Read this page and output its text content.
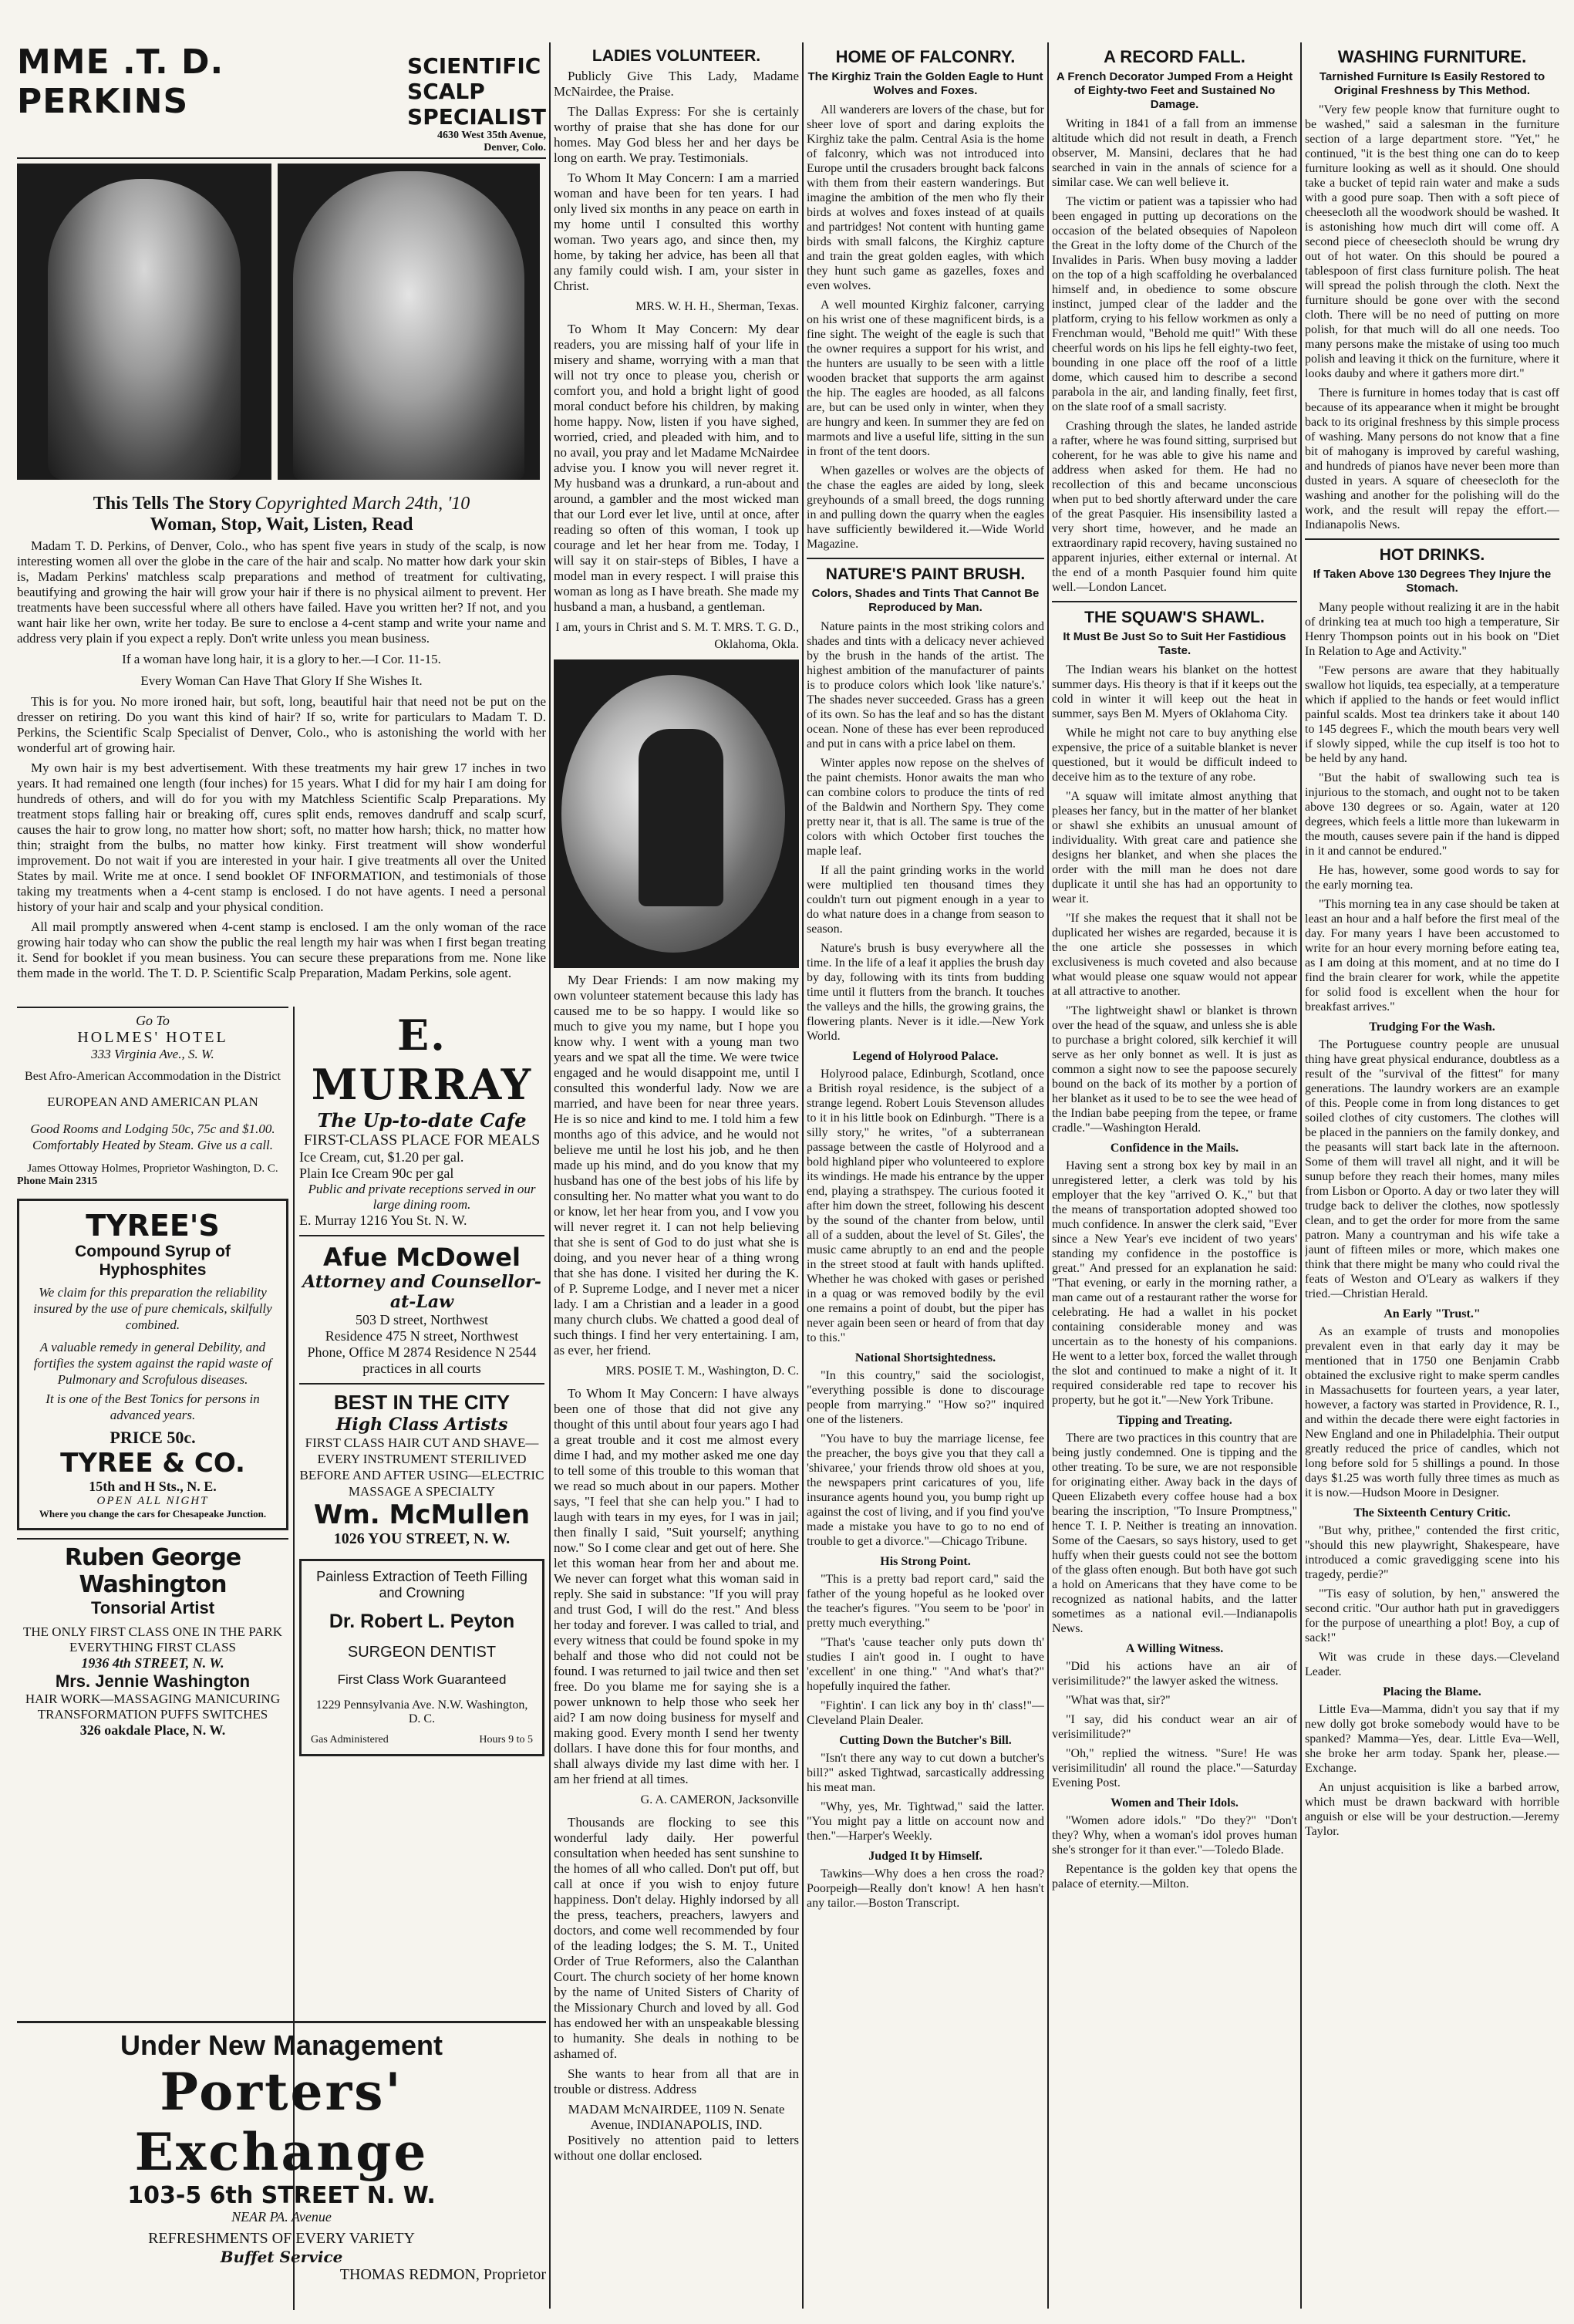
MME .T. D. PERKINS
SCIENTIFIC SCALP SPECIALIST
4630 West 35th Avenue, Denver, Colo.
This Tells The Story Copyrighted March 24th, '10
Woman, Stop, Wait, Listen, Read

Madam T. D. Perkins, of Denver, Colo., who has spent five years in study of the scalp, is now interesting women all over the globe in the care of the hair and scalp. No matter how dark your skin is, Madam Perkins' matchless scalp preparations and method of treatment for cultivating, beautifying and growing the hair will grow your hair if there is no physical ailment to prevent. Her treatments have been successful where all others have failed. Have you written her? If not, and you want hair like her own, write her today. Be sure to enclose a 4-cent stamp and write your name and address very plain if you expect a reply. Don't write unless you mean business.

If a woman have long hair, it is a glory to her.—I Cor. 11-15.

Every Woman Can Have That Glory If She Wishes It.

This is for you. No more ironed hair, but soft, long, beautiful hair that need not be put on the dresser on retiring. Do you want this kind of hair? If so, write for particulars to Madam T. D. Perkins, the Scientific Scalp Specialist of Denver, Colo., who is astonishing the world with her wonderful art of growing hair.

My own hair is my best advertisement. With these treatments my hair grew 17 inches in two years. It had remained one length (four inches) for 15 years. What I did for my hair I am doing for hundreds of others, and will do for you with my Matchless Scientific Scalp Preparations. My treatment stops falling hair or breaking off, cures split ends, removes dandruff and scalp scurf, causes the hair to grow long, no matter how short; soft, no matter how harsh; thick, no matter how thin; straight from the bulbs, no matter how kinky. First treatment will show wonderful improvement. Do not wait if you are interested in your hair. I give treatments all over the United States by mail. Write me at once. I send booklet OF INFORMATION, and testimonials of those taking my treatments when a 4-cent stamp is enclosed. I do not have agents. I need a personal history of your hair and scalp and your physical condition.

All mail promptly answered when 4-cent stamp is enclosed. I am the only woman of the race growing hair today who can show the public the real length my hair was when I first began treating it. Send for booklet if you mean business. You can secure these preparations from me. None like them made in the world. The T. D. P. Scientific Scalp Preparation, Madam Perkins, sole agent.

Go To
HOLMES' HOTEL
333 Virginia Ave., S. W.
Best Afro-American Accommodation in the District
EUROPEAN AND AMERICAN PLAN
Good Rooms and Lodging 50c, 75c and $1.00. Comfortably Heated by Steam. Give us a call.
James Ottoway Holmes, Proprietor Washington, D. C.
Phone Main 2315
TYREE'S
Compound Syrup of Hyphosphites
We claim for this preparation the reliability insured by the use of pure chemicals, skilfully combined.
A valuable remedy in general Debility, and fortifies the system against the rapid waste of Pulmonary and Scrofulous diseases.
It is one of the Best Tonics for persons in advanced years.
PRICE 50c.
TYREE & CO.
15th and H Sts., N. E.
OPEN ALL NIGHT
Where you change the cars for Chesapeake Junction.
Ruben George Washington
Tonsorial Artist
THE ONLY FIRST CLASS ONE IN THE PARK
EVERYTHING FIRST CLASS
1936 4th STREET, N. W.
Mrs. Jennie Washington
HAIR WORK—MASSAGING MANICURING
TRANSFORMATION PUFFS SWITCHES
326 oakdale Place, N. W.
Under New Management
Porters' Exchange
103-5 6th STREET N. W.
NEAR PA. Avenue
REFRESHMENTS OF EVERY VARIETY
Buffet Service
THOMAS REDMON, Proprietor
E. MURRAY
The Up-to-date Cafe
FIRST-CLASS PLACE FOR MEALS
Ice Cream, cut, $1.20 per gal.
Plain Ice Cream 90c per gal
Public and private receptions served in our large dining room.
E. Murray 1216 You St. N. W.
Afue McDowel
Attorney and Counsellor-at-Law
503 D street, Northwest
Residence 475 N street, Northwest
Phone, Office M 2874 Residence N 2544
practices in all courts
BEST IN THE CITY
High Class Artists
FIRST CLASS HAIR CUT AND SHAVE—EVERY INSTRUMENT STERILIVED BEFORE AND AFTER USING—ELECTRIC MASSAGE A SPECIALTY
Wm. McMullen
1026 YOU STREET, N. W.
Painless Extraction of Teeth Filling and Crowning
Dr. Robert L. Peyton
SURGEON DENTIST
First Class Work Guaranteed
1229 Pennsylvania Ave. N.W. Washington, D. C.
Gas Administered	Hours 9 to 5
LADIES VOLUNTEER.

Publicly Give This Lady, Madame McNairdee, the Praise.

The Dallas Express: For she is certainly worthy of praise that she has done for our homes. May God bless her and her days be long on earth. We pray. Testimonials.

To Whom It May Concern: I am a married woman and have been for ten years. I had only lived six months in any peace on earth in my home until I consulted this worthy woman. Two years ago, and since then, my home, by taking her advice, has been all that any family could wish. I am, your sister in Christ.

MRS. W. H. H., Sherman, Texas.

To Whom It May Concern: My dear readers, you are missing half of your life in misery and shame, worrying with a man that will not try once to please you, cherish or comfort you, and hold a bright light of good moral conduct before his children, by making home happy. Now, listen if you have sighed, worried, cried, and pleaded with him, and to no avail, you pray and let Madame McNairdee advise you. I know you will never regret it. My husband was a drunkard, a run-about and around, a gambler and the most wicked man that our Lord ever let live, until at once, after reading so often of this woman, I took up courage and let her hear from me. Today, I will say it on stair-steps of Bibles, I have a model man in every respect. I will praise this woman as long as I have breath. She made my husband a man, a husband, a gentleman.

I am, yours in Christ and S. M. T. MRS. T. G. D., Oklahoma, Okla.

My Dear Friends: I am now making my own volunteer statement because this lady has caused me to be so happy. I would like so much to give you my name, but I hope you know why. I went with a young man two years and we spat all the time. We were twice engaged and he would disappoint me, until I consulted this wonderful lady. Now we are married, and have been for near three years. He is so nice and kind to me. I told him a few months ago of this advice, and he would not believe me until he lost his job, and he then made up his mind, and do you know that my husband has one of the best jobs of his life by consulting her. No matter what you want to do or know, let her hear from you, and I vow you will never regret it. I can not help believing that she is sent of God to do just what she is doing, and you never hear of a thing wrong that she has done. I visited her during the K. of P. Supreme Lodge, and I never met a nicer lady. I am a Christian and a leader in a good many church clubs. We chatted a good deal of such things. I find her very entertaining. I am, as ever, her friend.

MRS. POSIE T. M., Washington, D. C.

To Whom It May Concern: I have always been one of those that did not give any thought of this until about four years ago I had a great trouble and it cost me almost every dime I had, and my mother asked me one day to tell some of this trouble to this woman that we read so much about in our papers. Mother says, "I feel that she can help you." I had to laugh with tears in my eyes, for I was in jail; then finally I said, "Suit yourself; anything now." So I come clear and get out of here. She let this woman hear from her and about me. We never can forget what this woman said in reply. She said in substance: "If you will pray and trust God, I will do the rest." And bless her today and forever. I was called to trial, and every witness that could be found spoke in my behalf and those who did not could not be found. I was returned to jail twice and then set free. Do you blame me for saying she is a power unknown to help those who seek her aid? I am now doing business for myself and making good. Every month I send her twenty dollars. I have done this for four months, and shall always divide my last dime with her. I am her friend at all times.

G. A. CAMERON, Jacksonville

Thousands are flocking to see this wonderful lady daily. Her powerful consultation when heeded has sent sunshine to the homes of all who called. Don't put off, but call at once if you wish to enjoy future happiness. Don't delay. Highly indorsed by all the press, teachers, preachers, lawyers and doctors, and come well recommended by four of the leading lodges; the S. M. T., United Order of True Reformers, also the Calanthan Court. The church society of her home known by the name of United Sisters of Charity of the Missionary Church and loved by all. God has endowed her with an unspeakable blessing to humanity. She deals in nothing to be ashamed of.

She wants to hear from all that are in trouble or distress. Address

MADAM McNAIRDEE, 1109 N. Senate Avenue, INDIANAPOLIS, IND.

Positively no attention paid to letters without one dollar enclosed.

HOME OF FALCONRY.
The Kirghiz Train the Golden Eagle to Hunt Wolves and Foxes.

All wanderers are lovers of the chase, but for sheer love of sport and daring exploits the Kirghiz take the palm. Central Asia is the home of falconry, which was not introduced into Europe until the crusaders brought back falcons with them from their eastern wanderings. But imagine the ambition of the men who fly their birds at wolves and foxes instead of at quails and partridges! Not content with hunting game birds with small falcons, the Kirghiz capture and train the great golden eagles, with which they hunt such game as gazelles, foxes and even wolves.

A well mounted Kirghiz falconer, carrying on his wrist one of these magnificent birds, is a fine sight. The weight of the eagle is such that the owner requires a support for his wrist, and the hunters are usually to be seen with a little wooden bracket that supports the arm against the hip. The eagles are hooded, as all falcons are, but can be used only in winter, when they are hungry and keen. In summer they are fed on marmots and live a useful life, sitting in the sun in front of the tent doors.

When gazelles or wolves are the objects of the chase the eagles are aided by long, sleek greyhounds of a small breed, the dogs running in and pulling down the quarry when the eagles have sufficiently bewildered it.—Wide World Magazine.

NATURE'S PAINT BRUSH.
Colors, Shades and Tints That Cannot Be Reproduced by Man.

Nature paints in the most striking colors and shades and tints with a delicacy never achieved by the brush in the hands of the artist. The highest ambition of the manufacturer of paints is to produce colors which look 'like nature's.' The shades never succeeded. Grass has a green of its own. So has the leaf and so has the distant ocean. None of these has ever been reproduced and put in cans with a price label on them.

Winter apples now repose on the shelves of the paint chemists. Honor awaits the man who can combine colors to produce the tints of red of the Baldwin and Northern Spy. They come pretty near it, that is all. The same is true of the colors with which October first touches the maple leaf.

If all the paint grinding works in the world were multiplied ten thousand times they couldn't turn out pigment enough in a year to do what nature does in a change from season to season.

Nature's brush is busy everywhere all the time. In the life of a leaf it applies the brush day by day, following with its tints from budding time until it flutters from the branch. It touches the valleys and the hills, the growing grains, the flowering plants. Never is it idle.—New York World.

Legend of Holyrood Palace.

Holyrood palace, Edinburgh, Scotland, once a British royal residence, is the subject of a strange legend. Robert Louis Stevenson alludes to it in his little book on Edinburgh. "There is a silly story," he writes, "of a subterranean passage between the castle of Holyrood and a bold highland piper who volunteered to explore its windings. He made his entrance by the upper end, playing a strathspey. The curious footed it after him down the street, following his descent by the sound of the chanter from below, until all of a sudden, about the level of St. Giles', the music came abruptly to an end and the people in the street stood at fault with hands uplifted. Whether he was choked with gases or perished in a quag or was removed bodily by the evil one remains a point of doubt, but the piper has never again been seen or heard of from that day to this."

National Shortsightedness.

"In this country," said the sociologist, "everything possible is done to discourage people from marrying." "How so?" inquired one of the listeners.

"You have to buy the marriage license, fee the preacher, the boys give you that they call a 'shivaree,' your friends throw old shoes at you, the newspapers print caricatures of you, life insurance agents hound you, you bump right up against the cost of living, and if you find you've made a mistake you have to go to no end of trouble to get a divorce."—Chicago Tribune.

His Strong Point.

"This is a pretty bad report card," said the father of the young hopeful as he looked over the teacher's figures. "You seem to be 'poor' in pretty much everything."

"That's 'cause teacher only puts down th' studies I ain't good in. I ought to have 'excellent' in one thing." "And what's that?" hopefully inquired the father.

"Fightin'. I can lick any boy in th' class!"—Cleveland Plain Dealer.

Cutting Down the Butcher's Bill.

"Isn't there any way to cut down a butcher's bill?" asked Tightwad, sarcastically addressing his meat man.

"Why, yes, Mr. Tightwad," said the latter. "You might pay a little on account now and then."—Harper's Weekly.

Judged It by Himself.

Tawkins—Why does a hen cross the road? Poorpeigh—Really don't know! A hen hasn't any tailor.—Boston Transcript.

A RECORD FALL.
A French Decorator Jumped From a Height of Eighty-two Feet and Sustained No Damage.

Writing in 1841 of a fall from an immense altitude which did not result in death, a French observer, M. Mansini, declares that he had searched in vain in the annals of science for a similar case. We can well believe it.

The victim or patient was a tapissier who had been engaged in putting up decorations on the occasion of the belated obsequies of Napoleon the Great in the lofty dome of the Church of the Invalides in Paris. When busy moving a ladder on the top of a high scaffolding he overbalanced himself and, in obedience to some obscure instinct, jumped clear of the ladder and the platform, crying to his fellow workmen as only a Frenchman would, "Behold me quit!" With these cheerful words on his lips he fell eighty-two feet, bounding in one place off the roof of a little dome, which caused him to describe a second parabola in the air, and landing finally, feet first, on the slate roof of a small sacristy.

Crashing through the slates, he landed astride a rafter, where he was found sitting, surprised but coherent, for he was able to give his name and address when asked for them. He had no recollection of this and became unconscious when put to bed shortly afterward under the care of the great Pasquier. His insensibility lasted a very short time, however, and he made an extraordinary rapid recovery, having sustained no apparent injuries, either external or internal. At the end of a month Pasquier found him quite well.—London Lancet.

THE SQUAW'S SHAWL.
It Must Be Just So to Suit Her Fastidious Taste.

The Indian wears his blanket on the hottest summer days. His theory is that if it keeps out the cold in winter it will keep out the heat in summer, says Ben M. Myers of Oklahoma City.

While he might not care to buy anything else expensive, the price of a suitable blanket is never questioned, but it would be difficult indeed to deceive him as to the texture of any robe.

"A squaw will imitate almost anything that pleases her fancy, but in the matter of her blanket or shawl she exhibits an unusual amount of individuality. With great care and patience she designs her blanket, and when she places the order with the mill man he does not dare duplicate it until she has had an opportunity to wear it.

"If she makes the request that it shall not be duplicated her wishes are regarded, because it is the one article she possesses in which exclusiveness is much coveted and also because what would please one squaw would not appear at all attractive to another.

"The lightweight shawl or blanket is thrown over the head of the squaw, and unless she is able to purchase a bright colored, silk kerchief it will serve as her only bonnet as well. It is just as common a sight now to see the papoose securely bound on the back of its mother by a portion of her blanket as it used to be to see the wee head of the Indian babe peeping from the tepee, or frame cradle."—Washington Herald.

Confidence in the Mails.

Having sent a strong box key by mail in an unregistered letter, a clerk was told by his employer that the key "arrived O. K.," but that the means of transportation adopted showed too much confidence. In answer the clerk said, "Ever since a New Year's eve incident of two years' standing my confidence in the postoffice is great." And pressed for an explanation he said: "That evening, or early in the morning rather, a man came out of a restaurant rather the worse for celebrating. He had a wallet in his pocket containing considerable money and was uncertain as to the honesty of his companions. He went to a letter box, forced the wallet through the slot and continued to make a night of it. It required considerable red tape to recover his property, but he got it."—New York Tribune.

Tipping and Treating.

There are two practices in this country that are being justly condemned. One is tipping and the other treating. To be sure, we are not responsible for originating either. Away back in the days of Queen Elizabeth every coffee house had a box bearing the inscription, "To Insure Promptness," hence T. I. P. Neither is treating an innovation. Some of the Caesars, so says history, used to get huffy when their guests could not see the bottom of the glass often enough. But both have got such a hold on Americans that they have come to be recognized as national habits, and the latter sometimes as a national evil.—Indianapolis News.

A Willing Witness.

"Did his actions have an air of verisimilitude?" the lawyer asked the witness.

"What was that, sir?"

"I say, did his conduct wear an air of verisimilitude?"

"Oh," replied the witness. "Sure! He was verisimilitudin' all round the place."—Saturday Evening Post.

Women and Their Idols.

"Women adore idols." "Do they?" "Don't they? Why, when a woman's idol proves human she's stronger for it than ever."—Toledo Blade.

Repentance is the golden key that opens the palace of eternity.—Milton.

WASHING FURNITURE.
Tarnished Furniture Is Easily Restored to Original Freshness by This Method.

"Very few people know that furniture ought to be washed," said a salesman in the furniture section of a large department store. "Yet," he continued, "it is the best thing one can do to keep furniture looking as well as it should. One should take a bucket of tepid rain water and make a suds with a good pure soap. Then with a soft piece of cheesecloth all the woodwork should be washed. It is astonishing how much dirt will come off. A second piece of cheesecloth should be wrung dry out of hot water. On this should be poured a tablespoon of first class furniture polish. The heat will spread the polish through the cloth. Next the furniture should be gone over with the second cloth. There will be no need of putting on more polish, for that much will do all one needs. Too many persons make the mistake of using too much polish and leaving it thick on the furniture, where it looks dauby and where it gathers more dirt."

There is furniture in homes today that is cast off because of its appearance when it might be brought back to its original freshness by this simple process of washing. Many persons do not know that a fine bit of mahogany is improved by careful washing, and hundreds of pianos have never been more than dusted in years. A square of cheesecloth for the washing and another for the polishing will do the work, and the result will repay the effort.—Indianapolis News.

HOT DRINKS.
If Taken Above 130 Degrees They Injure the Stomach.

Many people without realizing it are in the habit of drinking tea at much too high a temperature, Sir Henry Thompson points out in his book on "Diet In Relation to Age and Activity."

"Few persons are aware that they habitually swallow hot liquids, tea especially, at a temperature which if applied to the hands or feet would inflict painful scalds. Most tea drinkers take it about 140 to 145 degrees F., which the mouth bears very well if slowly sipped, while the cup itself is too hot to be held by any hand.

"But the habit of swallowing such tea is injurious to the stomach, and ought not to be taken above 130 degrees or so. Again, water at 120 degrees, which feels a little more than lukewarm in the mouth, causes severe pain if the hand is dipped in it and cannot be endured."

He has, however, some good words to say for the early morning tea.

"This morning tea in any case should be taken at least an hour and a half before the first meal of the day. For many years I have been accustomed to write for an hour every morning before eating tea, as I am doing at this moment, and at no time do I find the brain clearer for work, while the appetite for solid food is excellent when the hour for breakfast arrives."

Trudging For the Wash.

The Portuguese country people are unusual thing have great physical endurance, doubtless as a result of the "survival of the fittest" for many generations. The laundry workers are an example of this. People come in from long distances to get soiled clothes of city customers. The clothes will be placed in the panniers on the family donkey, and the peasants will start back late in the afternoon. Some of them will travel all night, and it will be sunup before they reach their homes, many miles from Lisbon or Oporto. A day or two later they will trudge back to deliver the clothes, now spotlessly clean, and to get the order for more from the same patron. Many a countryman and his wife take a jaunt of fifteen miles or more, which makes one think that there might be many who could rival the feats of Weston and O'Leary as walkers if they tried.—Christian Herald.

An Early "Trust."

As an example of trusts and monopolies prevalent even in that early day it may be mentioned that in 1750 one Benjamin Crabb obtained the exclusive right to make sperm candles in Massachusetts for fourteen years, a year later, however, a factory was started in Providence, R. I., and within the decade there were eight factories in New England and one in Philadelphia. Their output greatly reduced the price of candles, which not long before sold for 5 shillings a pound. In those days $1.25 was worth fully three times as much as it is now.—Hudson Moore in Designer.

The Sixteenth Century Critic.

"But why, prithee," contended the first critic, "should this new playwright, Shakespeare, have introduced a comic gravedigging scene into his tragedy, perdie?"

"'Tis easy of solution, by hen," answered the second critic. "Our author hath put in gravediggers for the purpose of unearthing a plot! Boy, a cup of sack!"

Wit was crude in these days.—Cleveland Leader.

Placing the Blame.

Little Eva—Mamma, didn't you say that if my new dolly got broke somebody would have to be spanked? Mamma—Yes, dear. Little Eva—Well, she broke her arm today. Spank her, please.—Exchange.

An unjust acquisition is like a barbed arrow, which must be drawn backward with horrible anguish or else will be your destruction.—Jeremy Taylor.
